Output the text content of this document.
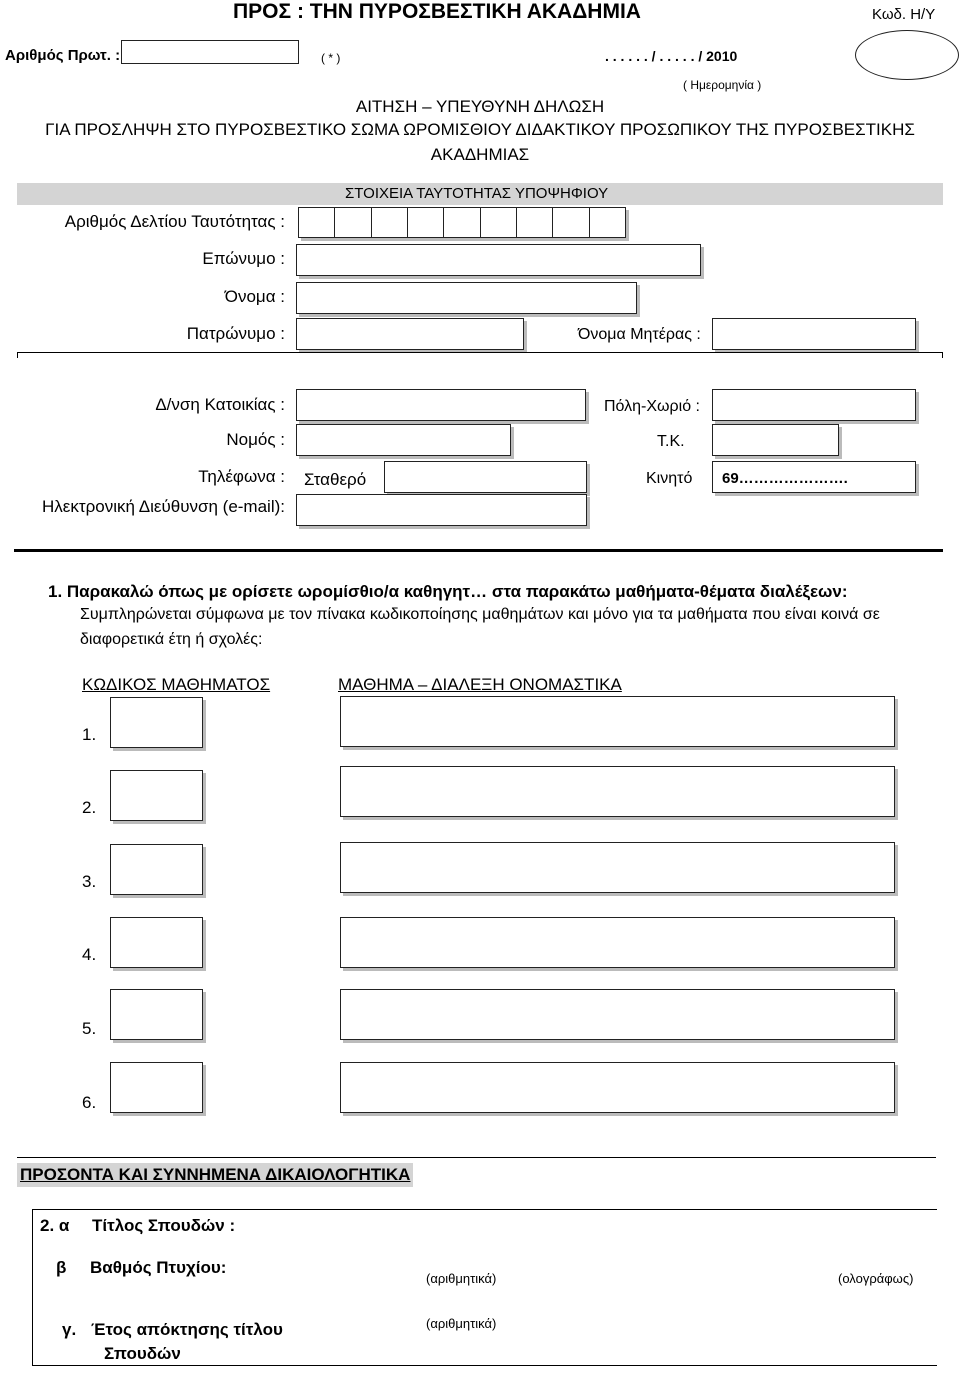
ΠΡΟΣ : ΤΗΝ ΠΥΡΟΣΒΕΣΤΙΚΗ ΑΚΑΔΗΜΙΑ	Κωδ. Η/Υ
Αριθμός Πρωτ. :	( * )	. . . . . . / . . . . . / 2010
( Ημερομηνία )
ΑΙΤΗΣΗ – ΥΠΕΥΘΥΝΗ ΔΗΛΩΣΗ
ΓΙΑ ΠΡΟΣΛΗΨΗ ΣΤΟ ΠΥΡΟΣΒΕΣΤΙΚΟ ΣΩΜΑ ΩΡΟΜΙΣΘΙΟΥ ΔΙΔΑΚΤΙΚΟΥ ΠΡΟΣΩΠΙΚΟΥ ΤΗΣ ΠΥΡΟΣΒΕΣΤΙΚΗΣ
ΑΚΑΔΗΜΙΑΣ
ΣΤΟΙΧΕΙΑ ΤΑΥΤΟΤΗΤΑΣ ΥΠΟΨΗΦΙΟΥ
Αριθμός Δελτίου Ταυτότητας :
Επώνυμο :
Όνομα :
Πατρώνυμο :	Όνομα Μητέρας :
Δ/νση Κατοικίας :	Πόλη-Χωριό :
Νομός :	Τ.Κ.
Τηλέφωνα : Σταθερό	Κινητό 69………………….
Ηλεκτρονική Διεύθυνση (e-mail):
1. Παρακαλώ όπως με ορίσετε ωρομίσθιο/α καθηγητ… στα παρακάτω μαθήματα-θέματα διαλέξεων:
Συμπληρώνεται σύμφωνα με τον πίνακα κωδικοποίησης μαθημάτων και μόνο για τα μαθήματα που είναι κοινά σε
διαφορετικά έτη ή σχολές:
ΚΩΔΙΚΟΣ ΜΑΘΗΜΑΤΟΣ	ΜΑΘΗΜΑ – ΔΙΑΛΕΞΗ ΟΝΟΜΑΣΤΙΚΑ
1.
2.
3.
4.
5.
6.
ΠΡΟΣΟΝΤΑ ΚΑΙ ΣΥΝΝΗΜΕΝΑ ΔΙΚΑΙΟΛΟΓΗΤΙΚΑ
2. α Τίτλος Σπουδών :
β Βαθμός Πτυχίου:
(αριθμητικά)	(ολογράφως)
γ. Έτος απόκτησης τίτλου
Σπουδών
(αριθμητικά)
